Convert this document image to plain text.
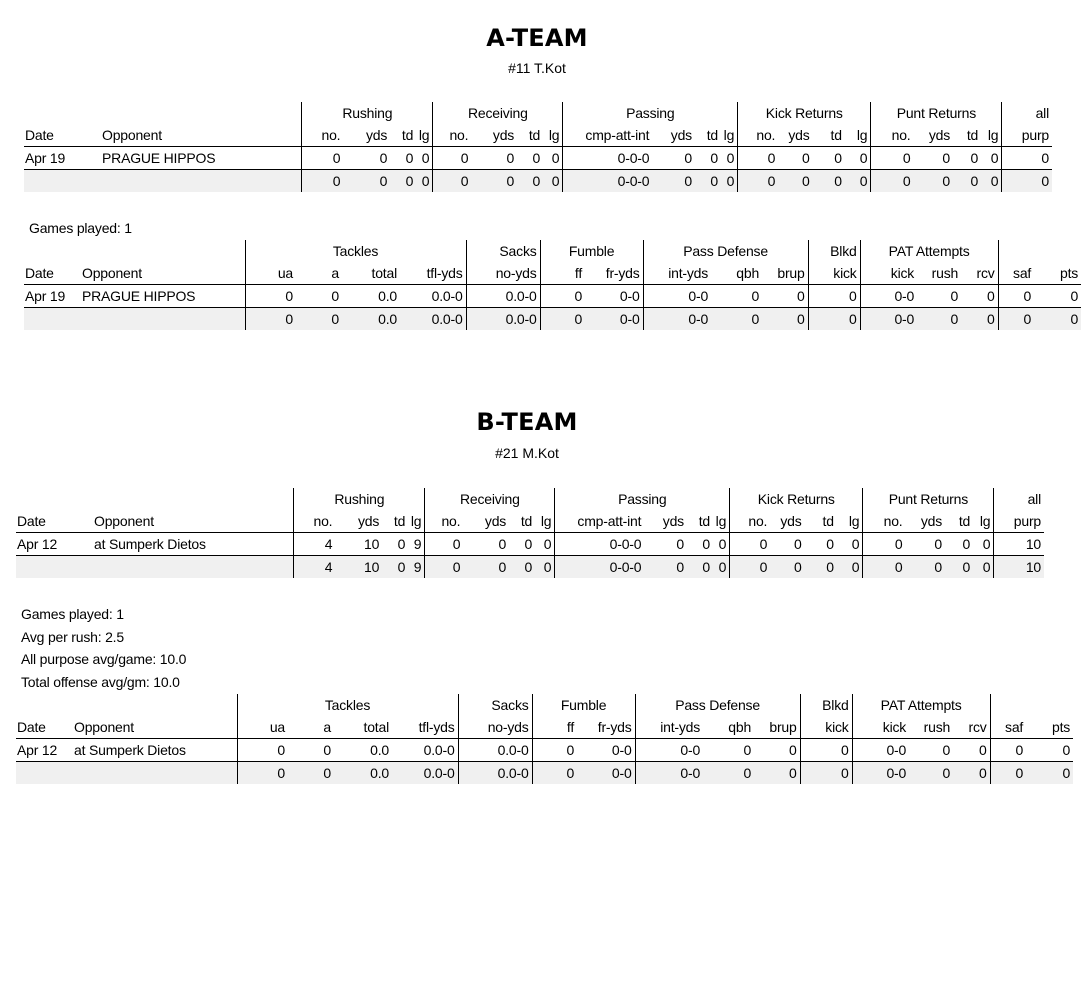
A-TEAM
#11 T.Kot
		Rushing				Receiving				Passing				Kick Returns				Punt Returns				all
Date	Opponent	no.	yds	td	lg	no.	yds	td	lg	cmp-att-int	yds	td	lg	no.	yds	td	lg	no.	yds	td	lg	purp
Apr 19	PRAGUE HIPPOS	0	0	0	0	0	0	0	0	0-0-0	0	0	0	0	0	0	0	0	0	0	0	0
		0	0	0	0	0	0	0	0	0-0-0	0	0	0	0	0	0	0	0	0	0	0	0
Games played: 1
		Tackles				Sacks	Fumble		Pass Defense			Blkd	PAT Attempts				
Date	Opponent	ua	a	total	tfl-yds	no-yds	ff	fr-yds	int-yds	qbh	brup	kick	kick	rush	rcv	saf	pts
Apr 19	PRAGUE HIPPOS	0	0	0.0	0.0-0	0.0-0	0	0-0	0-0	0	0	0	0-0	0	0	0	0
		0	0	0.0	0.0-0	0.0-0	0	0-0	0-0	0	0	0	0-0	0	0	0	0
B-TEAM
#21 M.Kot
		Rushing				Receiving				Passing				Kick Returns				Punt Returns				all
Date	Opponent	no.	yds	td	lg	no.	yds	td	lg	cmp-att-int	yds	td	lg	no.	yds	td	lg	no.	yds	td	lg	purp
Apr 12	at Sumperk Dietos	4	10	0	9	0	0	0	0	0-0-0	0	0	0	0	0	0	0	0	0	0	0	10
		4	10	0	9	0	0	0	0	0-0-0	0	0	0	0	0	0	0	0	0	0	0	10
Games played: 1
Avg per rush: 2.5
All purpose avg/game: 10.0
Total offense avg/gm: 10.0
		Tackles				Sacks	Fumble		Pass Defense			Blkd	PAT Attempts				
Date	Opponent	ua	a	total	tfl-yds	no-yds	ff	fr-yds	int-yds	qbh	brup	kick	kick	rush	rcv	saf	pts
Apr 12	at Sumperk Dietos	0	0	0.0	0.0-0	0.0-0	0	0-0	0-0	0	0	0	0-0	0	0	0	0
		0	0	0.0	0.0-0	0.0-0	0	0-0	0-0	0	0	0	0-0	0	0	0	0
